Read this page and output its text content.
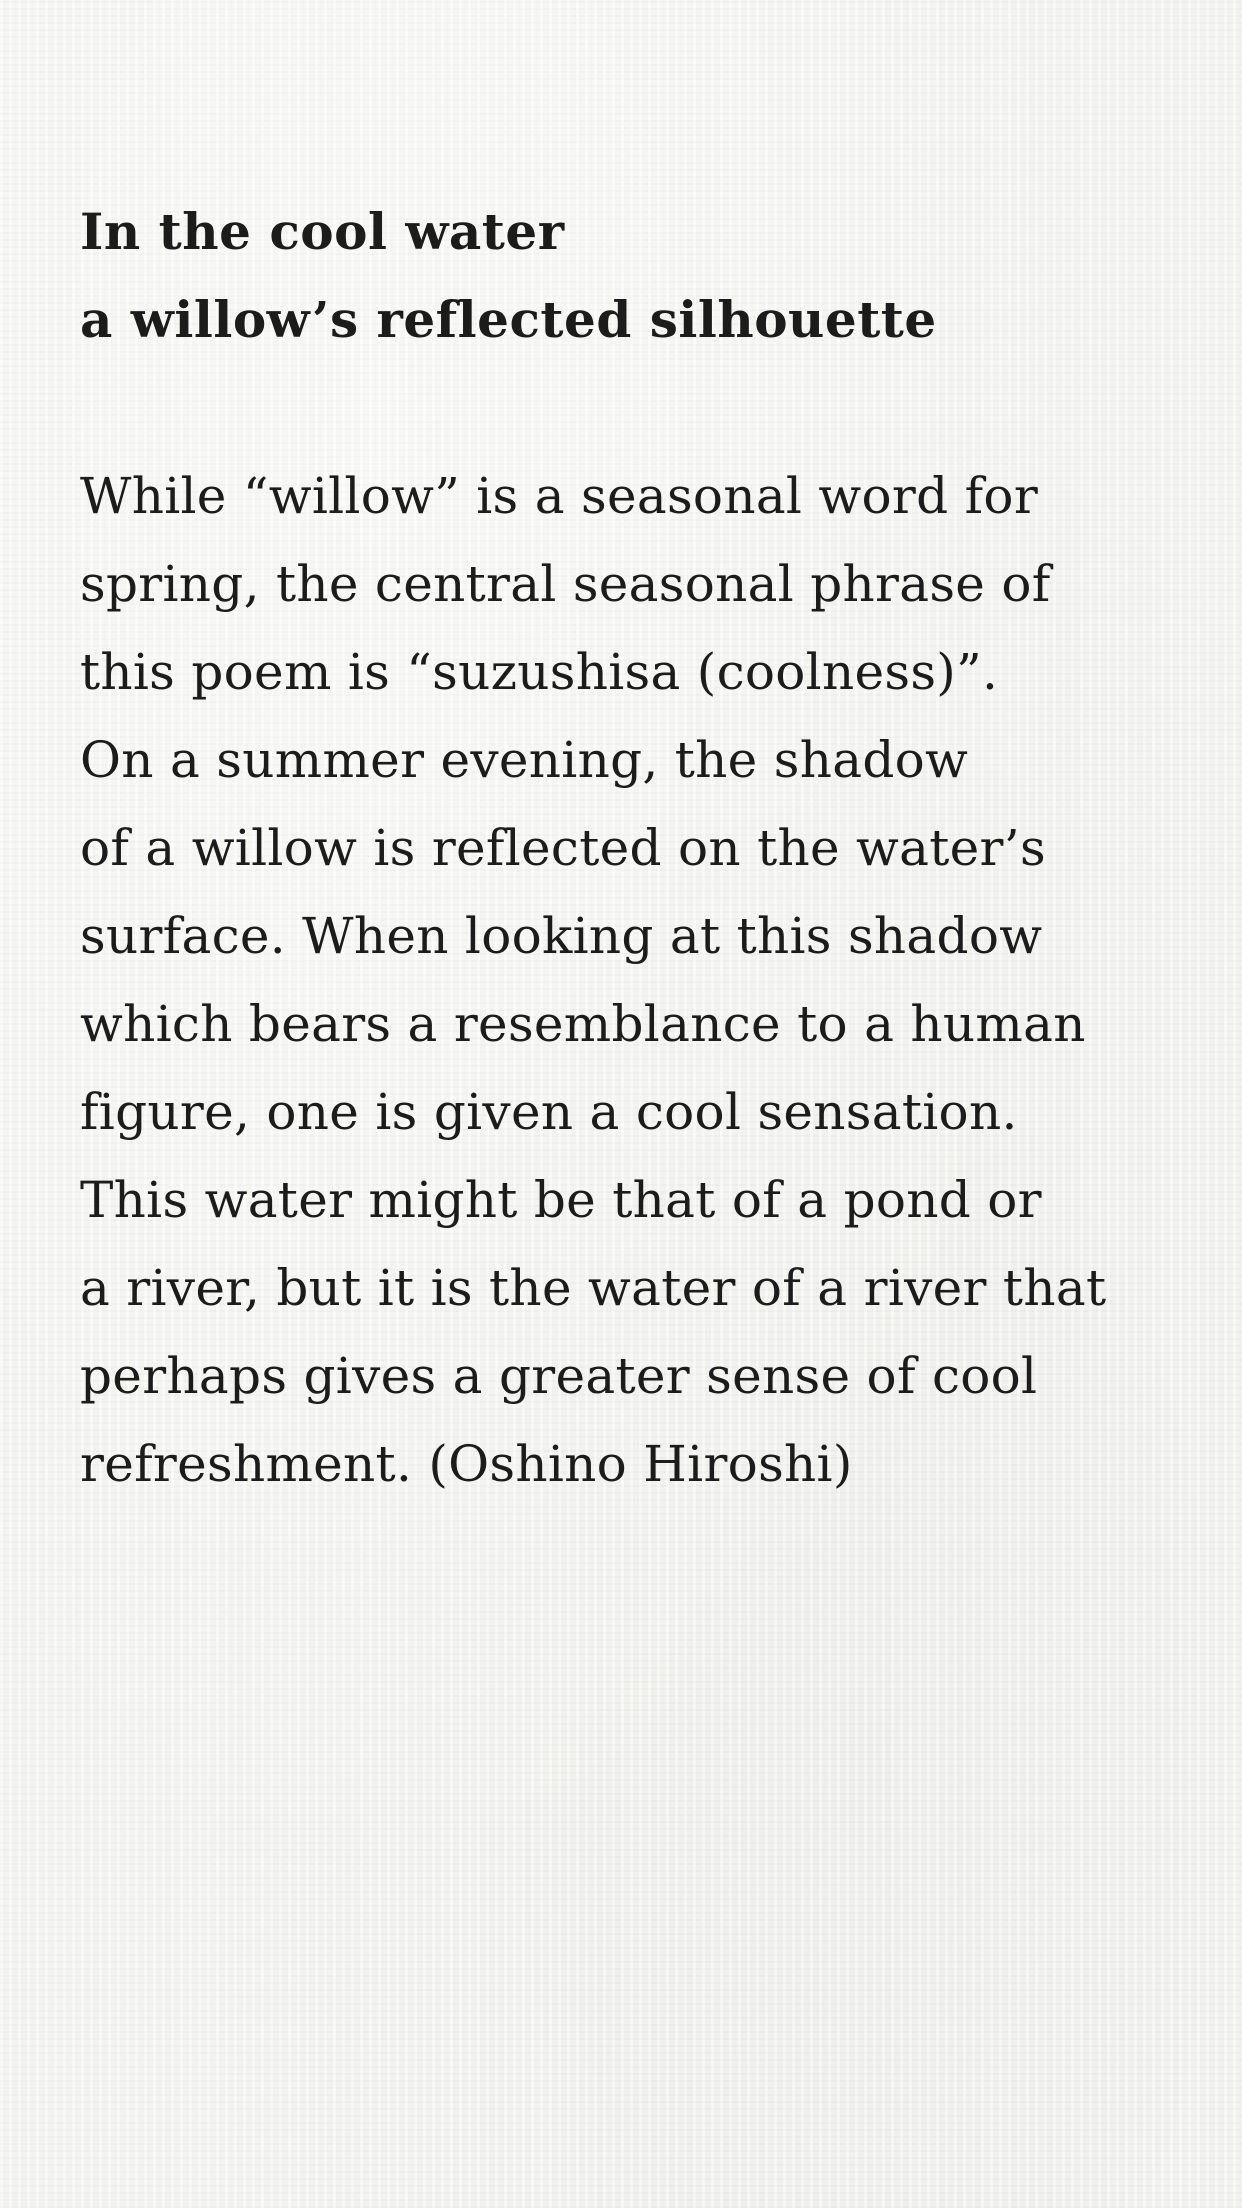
In the cool water
a willow’s reflected silhouette
While “willow” is a seasonal word for
spring, the central seasonal phrase of
this poem is “suzushisa (coolness)”.
On a summer evening, the shadow
of a willow is reflected on the water’s
surface. When looking at this shadow
which bears a resemblance to a human
figure, one is given a cool sensation.
This water might be that of a pond or
a river, but it is the water of a river that
perhaps gives a greater sense of cool
refreshment. (Oshino Hiroshi)
